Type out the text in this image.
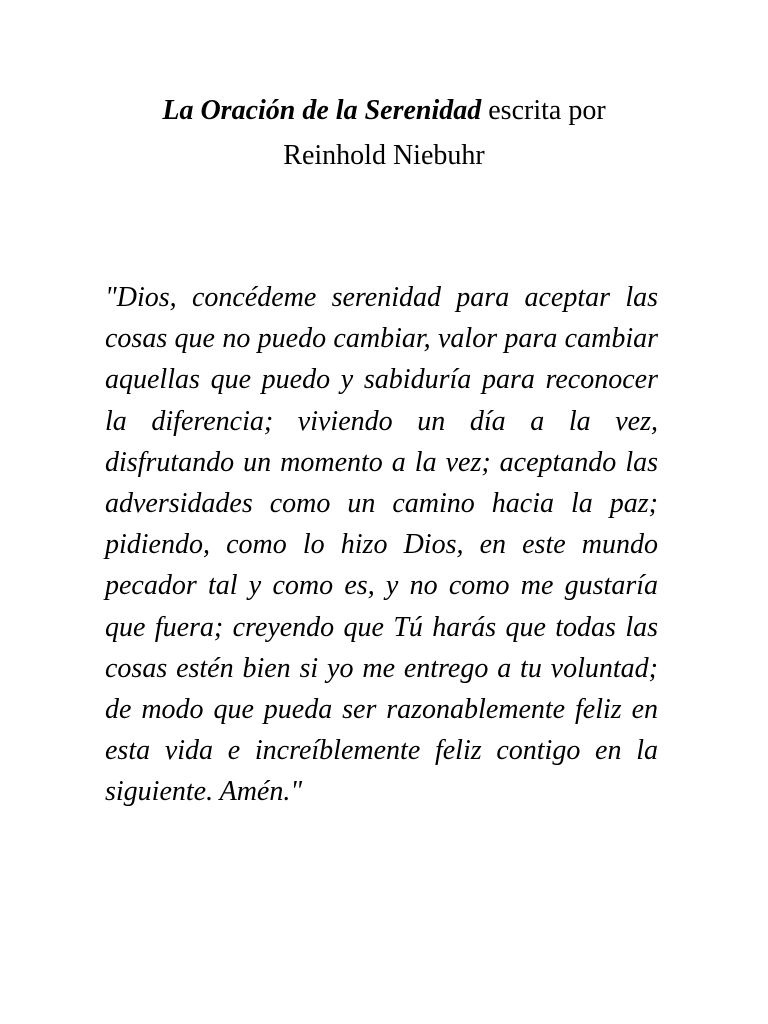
La Oración de la Serenidad escrita por
Reinhold Niebuhr

"Dios, concédeme serenidad para aceptar las cosas que no puedo cambiar, valor para cambiar aquellas que puedo y sabiduría para reconocer la diferencia; viviendo un día a la vez, disfrutando un momento a la vez; aceptando las adversidades como un camino hacia la paz; pidiendo, como lo hizo Dios, en este mundo pecador tal y como es, y no como me gustaría que fuera; creyendo que Tú harás que todas las cosas estén bien si yo me entrego a tu voluntad; de modo que pueda ser razonablemente feliz en esta vida e increíblemente feliz contigo en la siguiente. Amén."
